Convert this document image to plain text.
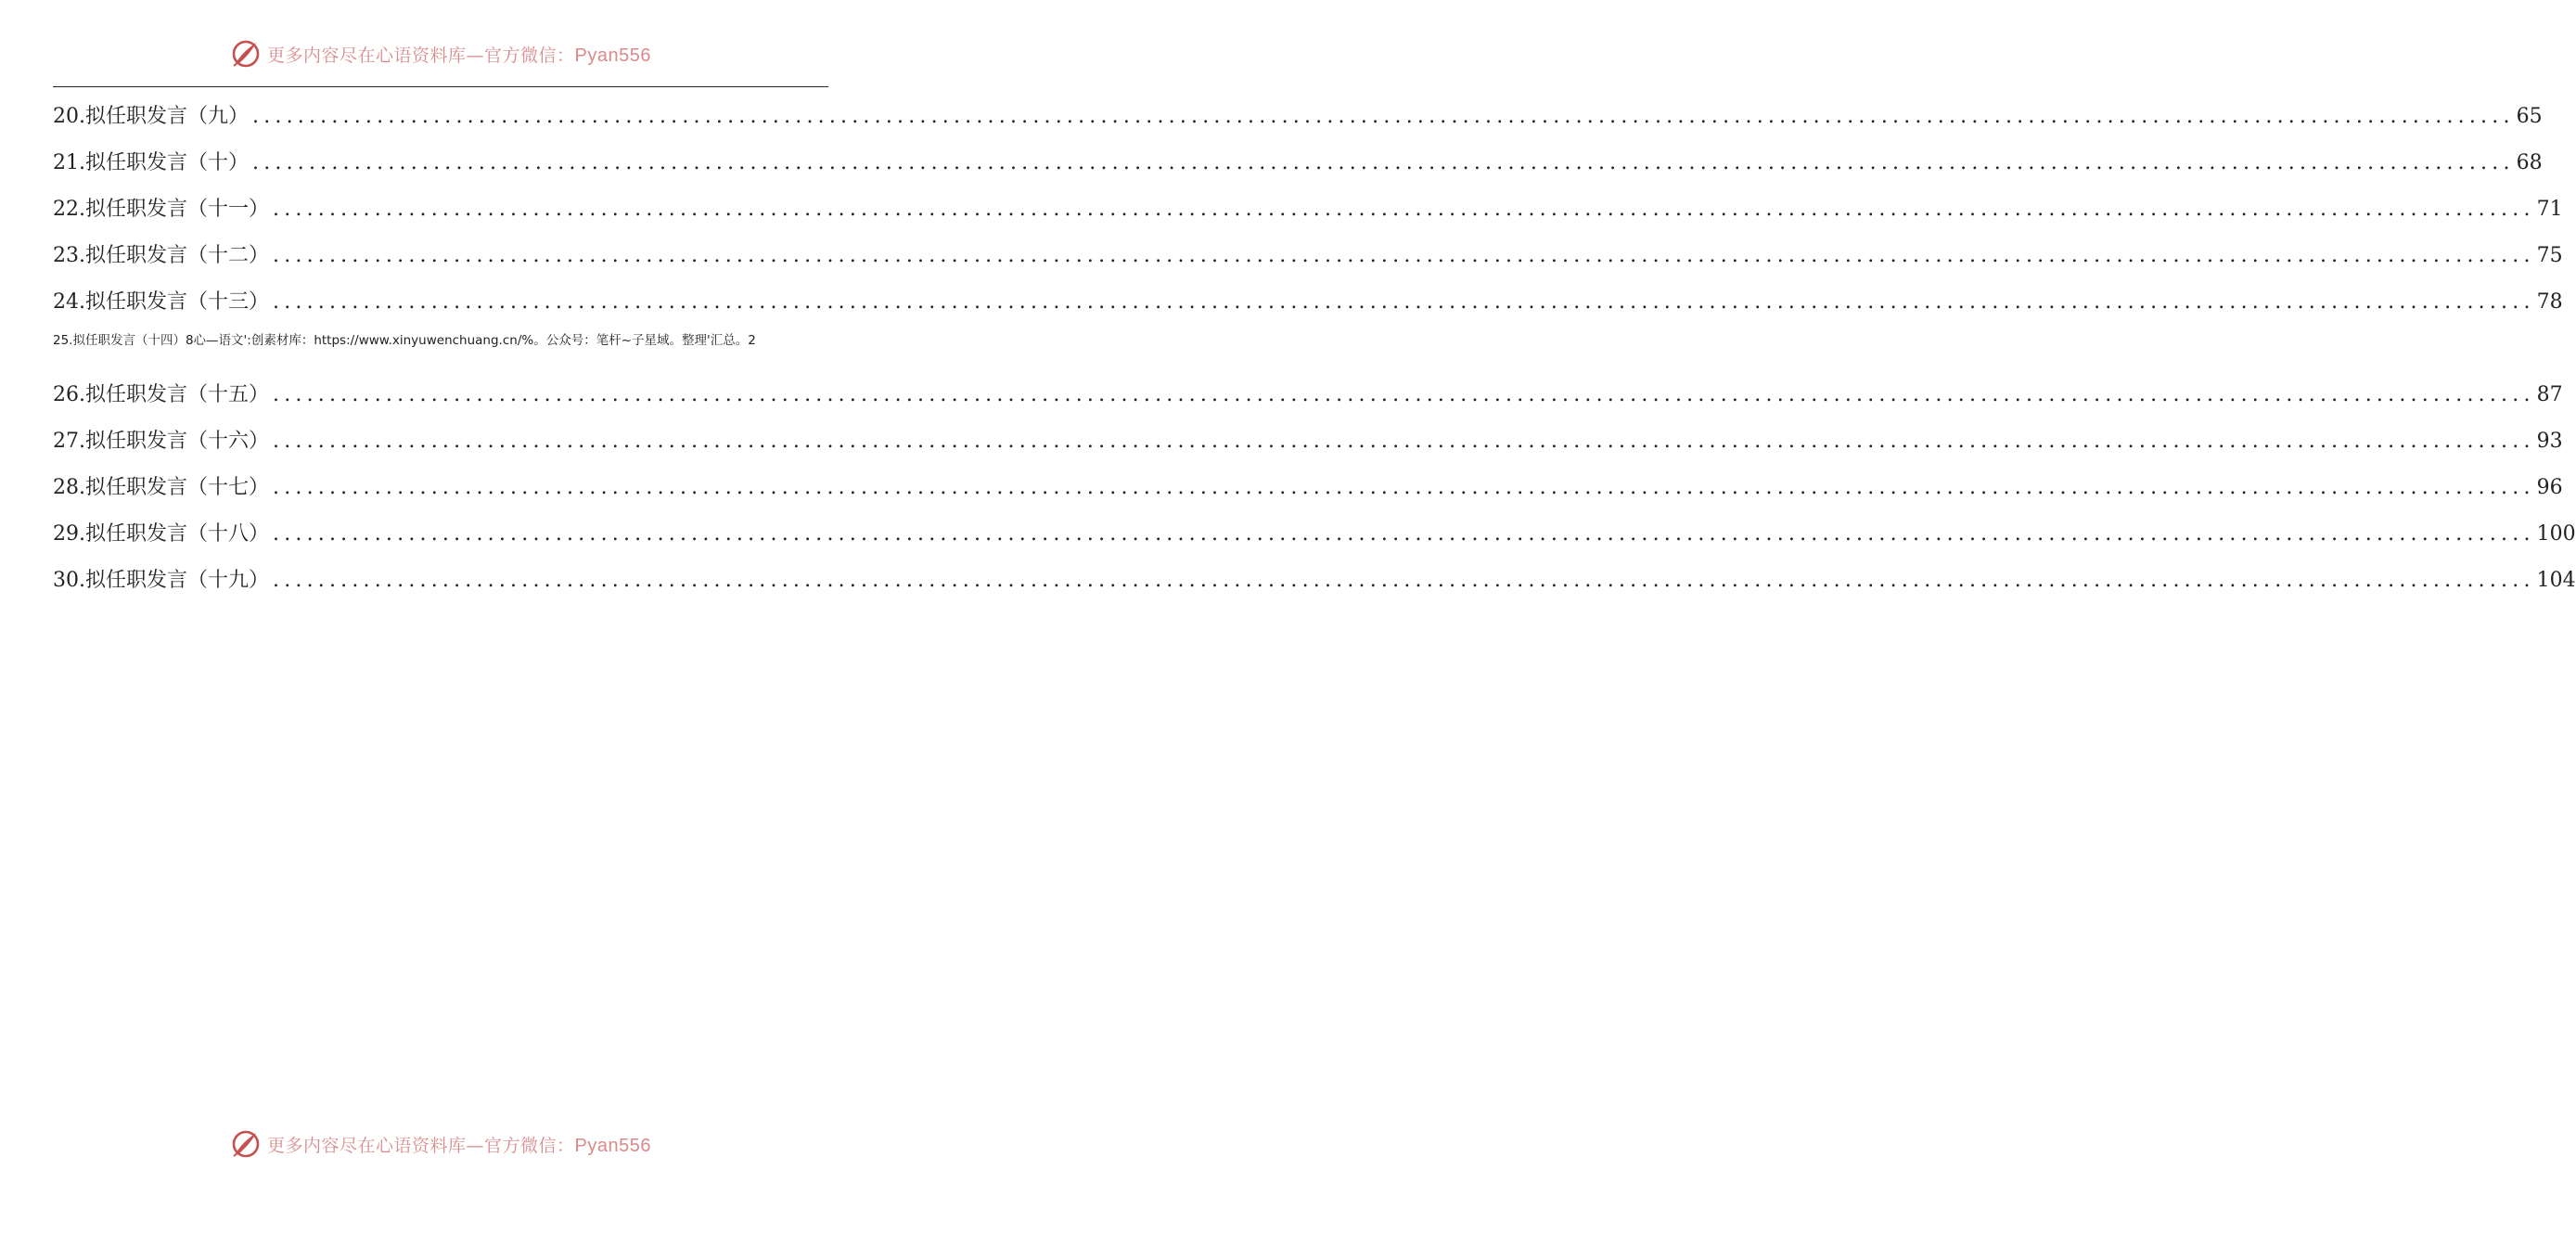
更多内容尽在心语资料库—官方微信：Pyan556
20.拟任职发言（九） ........................................................................................................................................................................................................ 65
21.拟任职发言（十） ........................................................................................................................................................................................................ 68
22.拟任职发言（十一） ........................................................................................................................................................................................................ 71
23.拟任职发言（十二） ........................................................................................................................................................................................................ 75
24.拟任职发言（十三） ........................................................................................................................................................................................................ 78
25.拟任职发言（十四）8心—语文':创素材库：https://www.xinyuwenchuang.cn/%。公众号：笔杆~子星域。整理'汇总。2
26.拟任职发言（十五） ........................................................................................................................................................................................................ 87
27.拟任职发言（十六） ........................................................................................................................................................................................................ 93
28.拟任职发言（十七） ........................................................................................................................................................................................................ 96
29.拟任职发言（十八） ........................................................................................................................................................................................................ 100
30.拟任职发言（十九） ........................................................................................................................................................................................................ 104
更多内容尽在心语资料库—官方微信：Pyan556
